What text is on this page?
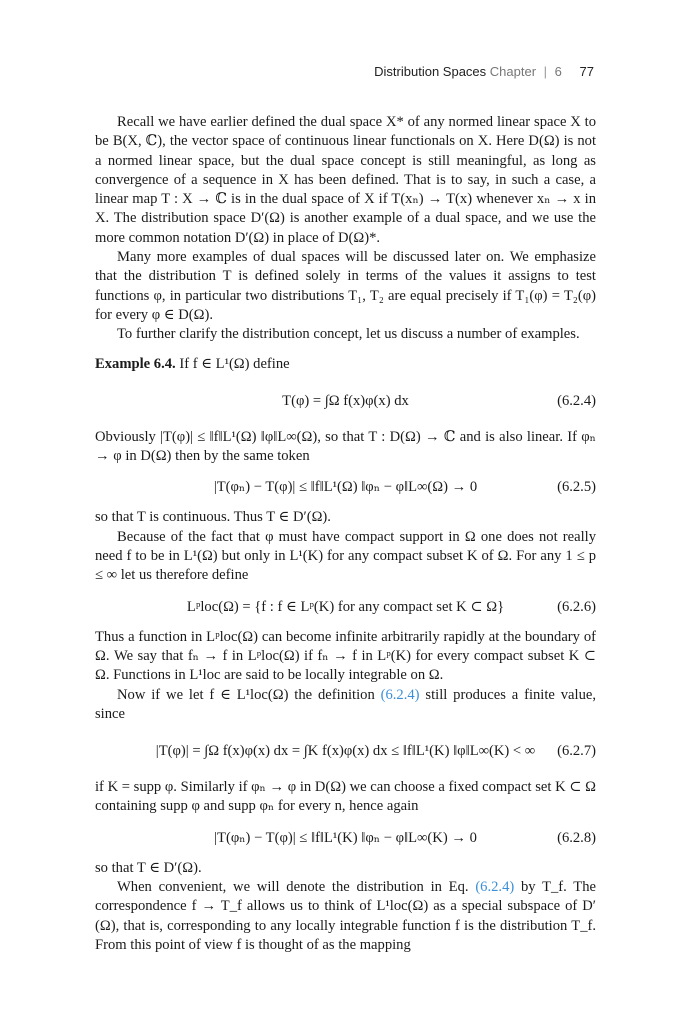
Distribution Spaces Chapter | 6 77

Recall we have earlier defined the dual space X* of any normed linear space X to be B(X, ℂ), the vector space of continuous linear functionals on X. Here D(Ω) is not a normed linear space, but the dual space concept is still meaningful, as long as convergence of a sequence in X has been defined. That is to say, in such a case, a linear map T : X → ℂ is in the dual space of X if T(xₙ) → T(x) whenever xₙ → x in X. The distribution space D′(Ω) is another example of a dual space, and we use the more common notation D′(Ω) in place of D(Ω)*.

Many more examples of dual spaces will be discussed later on. We emphasize that the distribution T is defined solely in terms of the values it assigns to test functions φ, in particular two distributions T₁, T₂ are equal precisely if T₁(φ) = T₂(φ) for every φ ∈ D(Ω).

To further clarify the distribution concept, let us discuss a number of examples.

Example 6.4. If f ∈ L¹(Ω) define

T(φ) = ∫Ω f(x)φ(x) dx	(6.2.4)

Obviously |T(φ)| ≤ ‖f‖L¹(Ω) ‖φ‖L∞(Ω), so that T : D(Ω) → ℂ and is also linear. If φₙ → φ in D(Ω) then by the same token

|T(φₙ) − T(φ)| ≤ ‖f‖L¹(Ω) ‖φₙ − φ‖L∞(Ω) → 0	(6.2.5)

so that T is continuous. Thus T ∈ D′(Ω).

Because of the fact that φ must have compact support in Ω one does not really need f to be in L¹(Ω) but only in L¹(K) for any compact subset K of Ω. For any 1 ≤ p ≤ ∞ let us therefore define

Lᵖloc(Ω) = {f : f ∈ Lᵖ(K) for any compact set K ⊂ Ω}	(6.2.6)

Thus a function in Lᵖloc(Ω) can become infinite arbitrarily rapidly at the boundary of Ω. We say that fₙ → f in Lᵖloc(Ω) if fₙ → f in Lᵖ(K) for every compact subset K ⊂ Ω. Functions in L¹loc are said to be locally integrable on Ω.

Now if we let f ∈ L¹loc(Ω) the definition (6.2.4) still produces a finite value, since

|T(φ)| = ∫Ω f(x)φ(x) dx = ∫K f(x)φ(x) dx ≤ ‖f‖L¹(K) ‖φ‖L∞(K) < ∞	(6.2.7)

if K = supp φ. Similarly if φₙ → φ in D(Ω) we can choose a fixed compact set K ⊂ Ω containing supp φ and supp φₙ for every n, hence again

|T(φₙ) − T(φ)| ≤ ‖f‖L¹(K) ‖φₙ − φ‖L∞(K) → 0	(6.2.8)

so that T ∈ D′(Ω).

When convenient, we will denote the distribution in Eq. (6.2.4) by T_f. The correspondence f → T_f allows us to think of L¹loc(Ω) as a special subspace of D′(Ω), that is, corresponding to any locally integrable function f is the distribution T_f. From this point of view f is thought of as the mapping
